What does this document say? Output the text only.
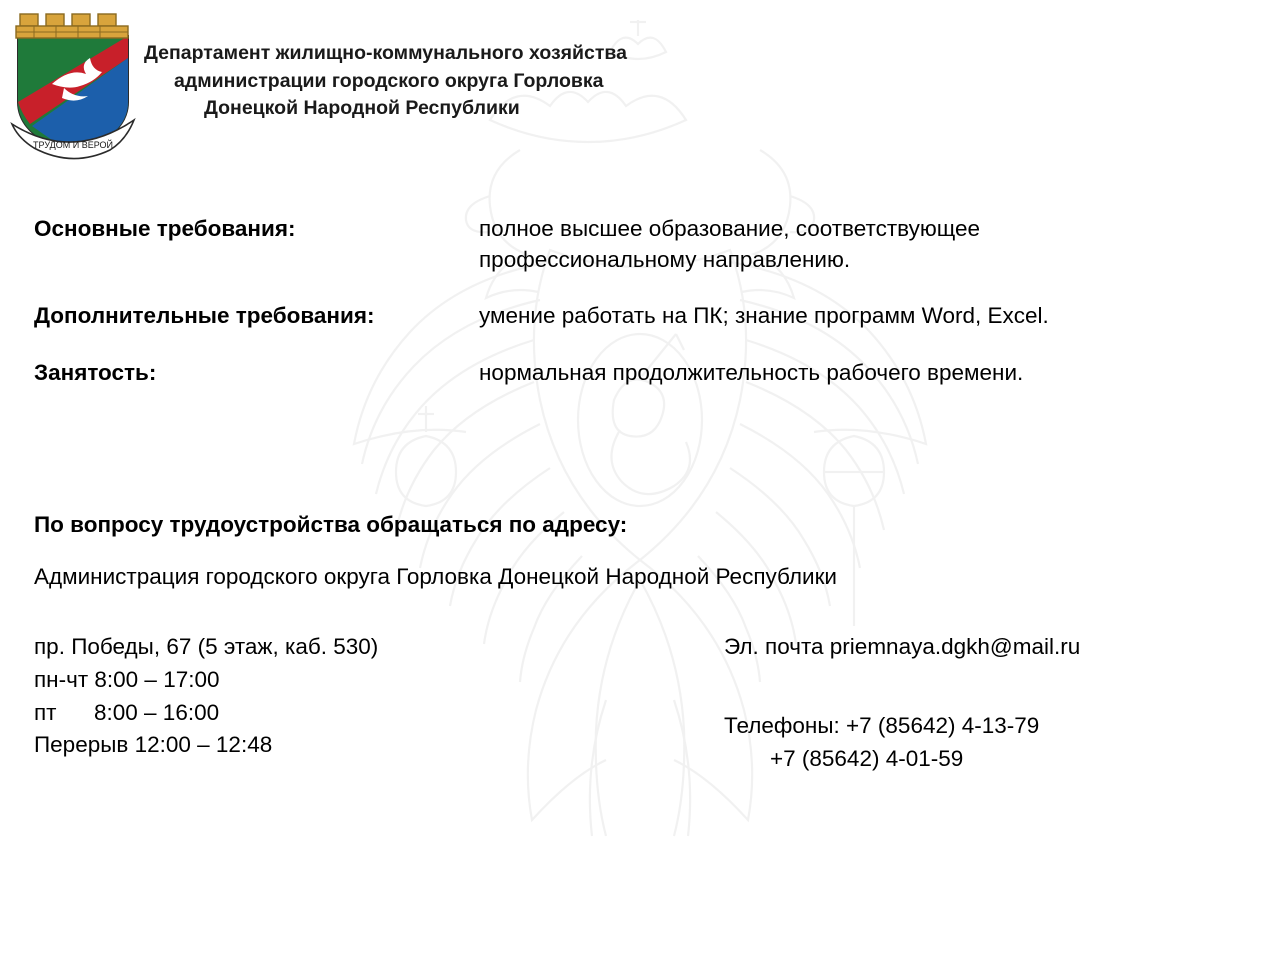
ТРУДОМ И ВЕРОЙ
Департамент жилищно-коммунального хозяйства
администрации городского округа Горловка
Донецкой Народной Республики
Основные требования:	полное высшее образование, соответствующее
профессиональному направлению.

Дополнительные требования:	умение работать на ПК; знание программ Word, Excel.

Занятость:	нормальная продолжительность рабочего времени.
По вопросу трудоустройства обращаться по адресу:
Администрация городского округа Горловка Донецкой Народной Республики
пр. Победы, 67 (5 этаж, каб. 530)
пн-чт 8:00 – 17:00
пт      8:00 – 16:00
Перерыв 12:00 – 12:48
Эл. почта priemnaya.dgkh@mail.ru
Телефоны: +7 (85642) 4-13-79
+7 (85642) 4-01-59
